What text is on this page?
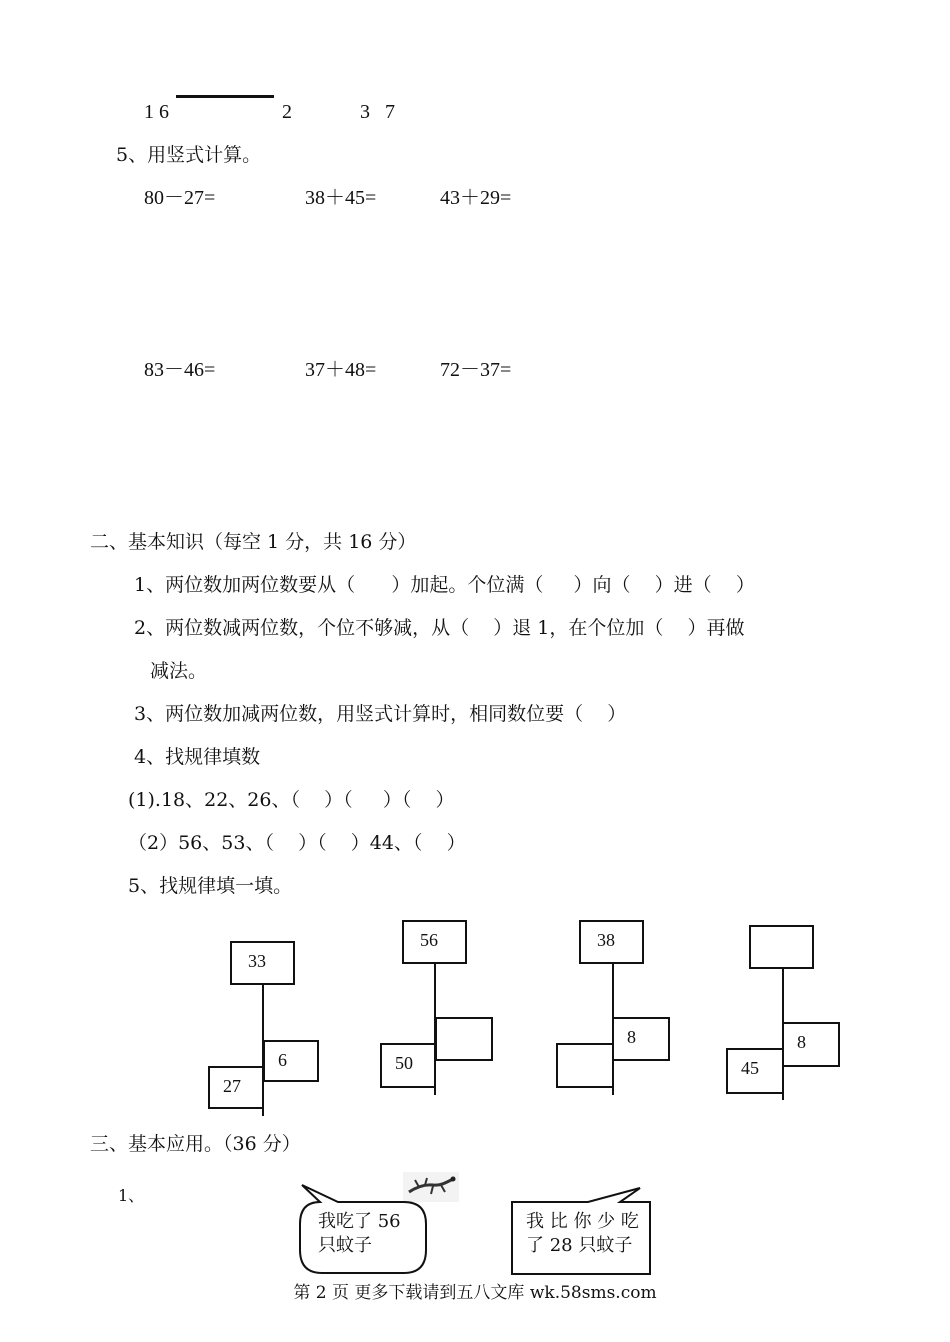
1 6	2	3   7
5、用竖式计算。
80－27=	38＋45=	43＋29=
83－46=	37＋48=	72－37=
二、基本知识（每空 1 分，共 16 分）
1、两位数加两位数要从（      ）加起。个位满（     ）向（    ）进（    ）
2、两位数减两位数，个位不够减，从（    ）退 1，在个位加（    ）再做
减法。
3、两位数加减两位数，用竖式计算时，相同数位要（    ）
4、找规律填数
(1).18、22、26、（    ）（     ）（    ）
（2）56、53、（    ）（    ）44、（    ）
5、找规律填一填。
33
6
27
56
50
38
8	8
45
三、基本应用。（36 分）
1、
我吃了 56
只蚊子
我 比 你 少 吃
了 28 只蚊子
第 2 页 更多下载请到五八文库 wk.58sms.com
